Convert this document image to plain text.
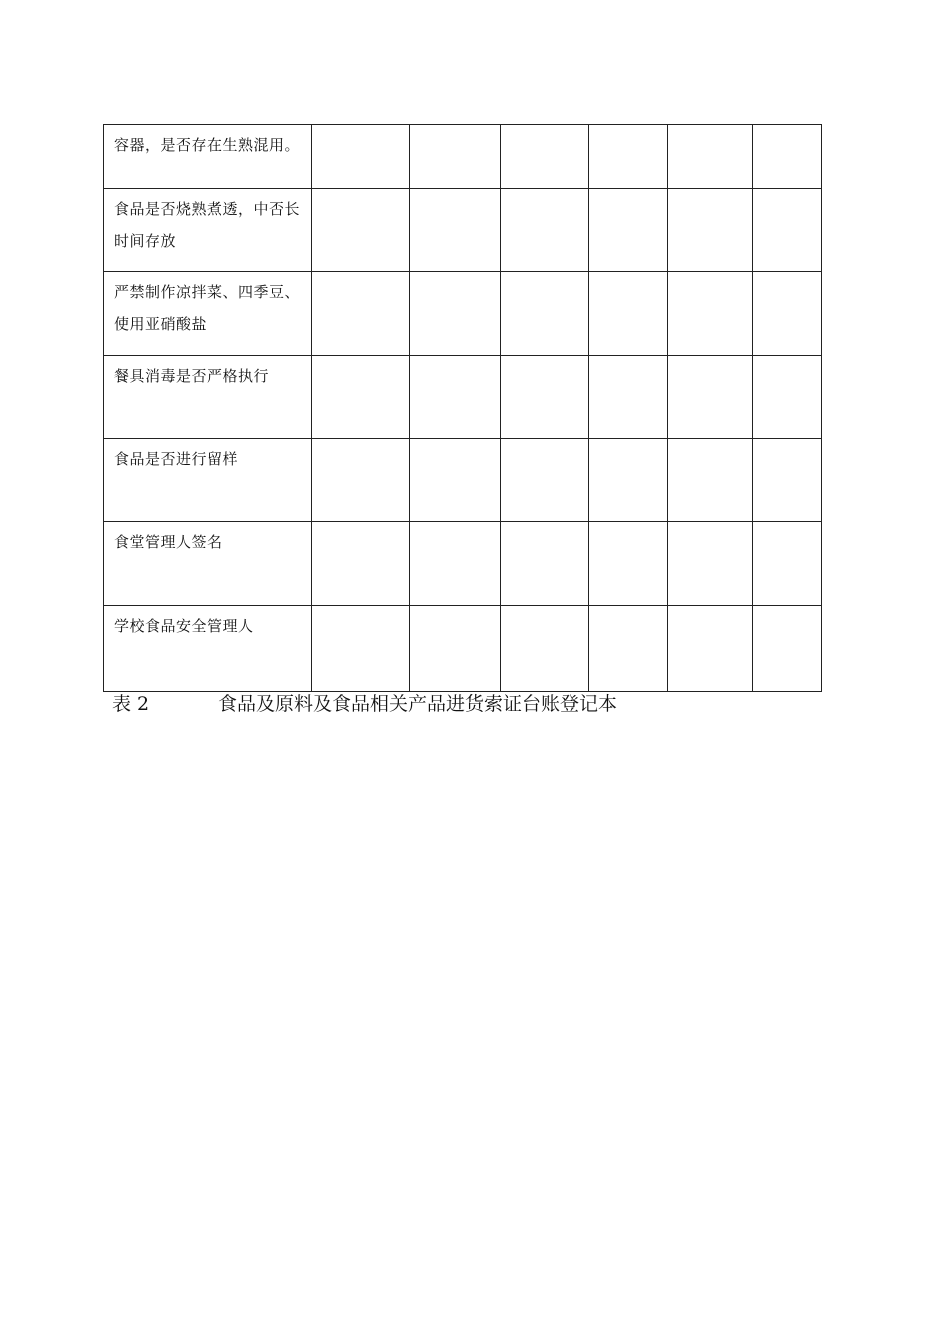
容器，是否存在生熟混用。						
食品是否烧熟煮透，中否长时间存放						
严禁制作凉拌菜、四季豆、使用亚硝酸盐						
餐具消毒是否严格执行						
食品是否进行留样						
食堂管理人签名						
学校食品安全管理人						
表 2	食品及原料及食品相关产品进货索证台账登记本
